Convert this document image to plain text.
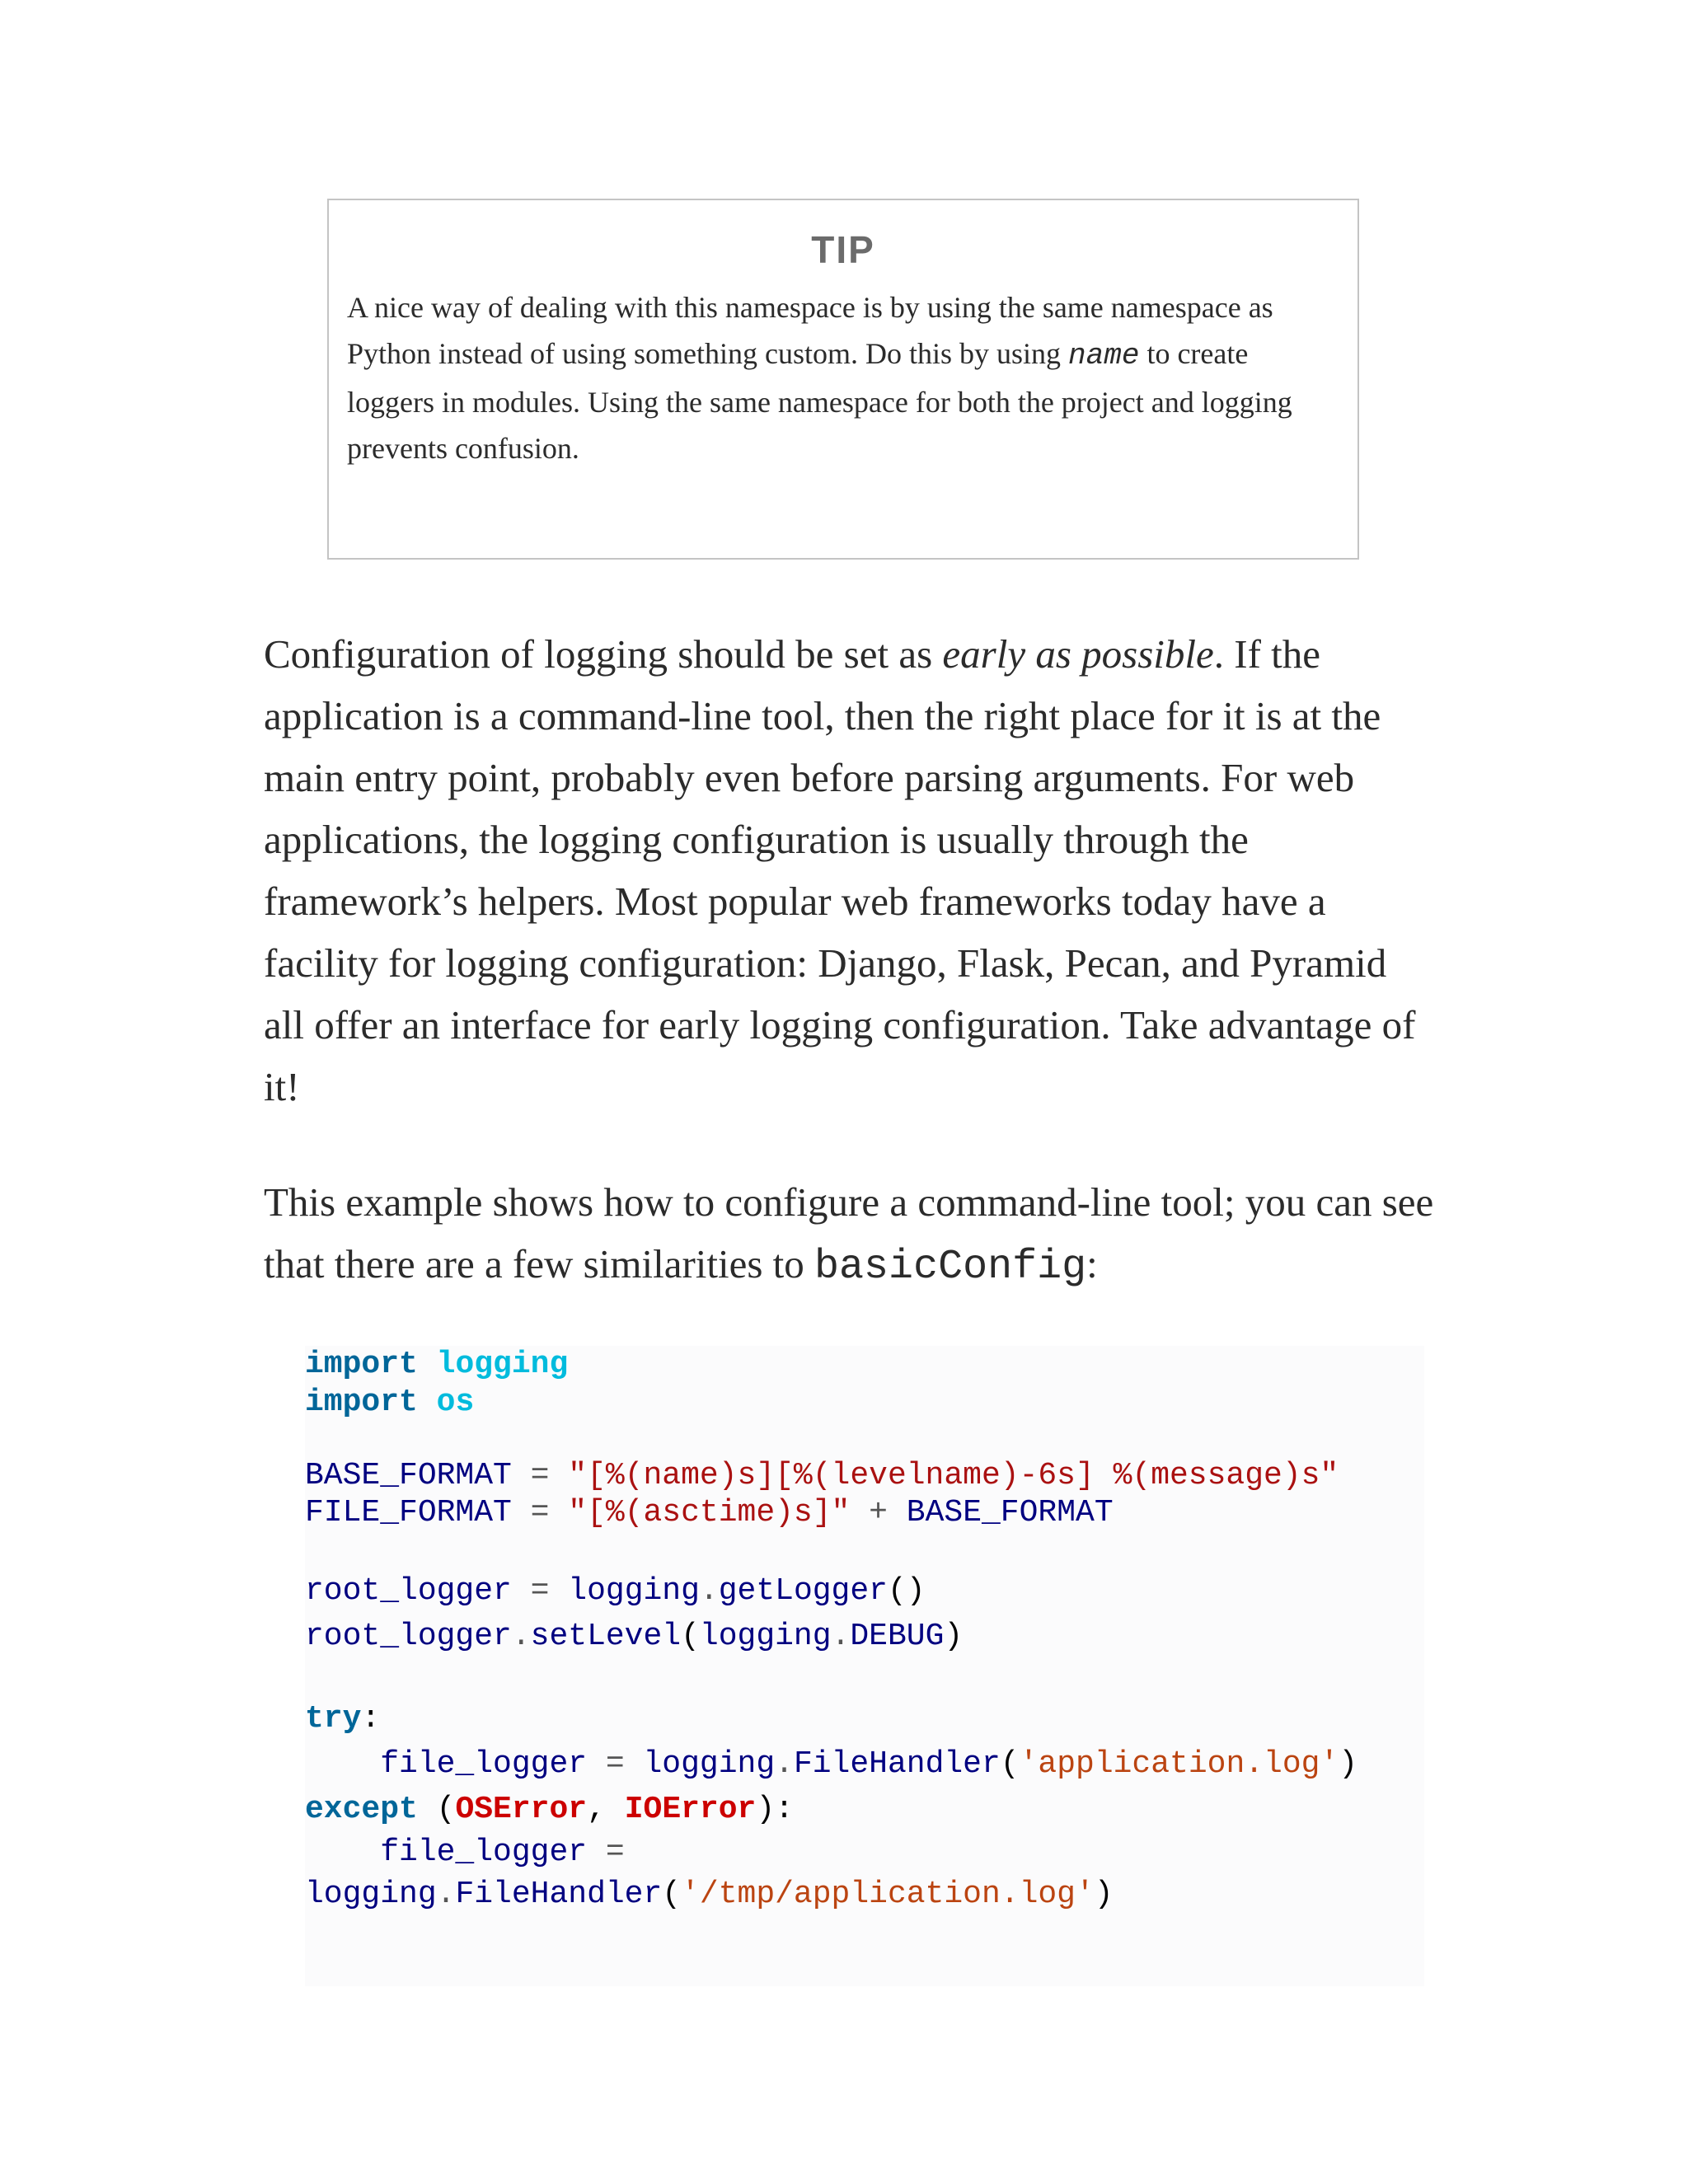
TIP
A nice way of dealing with this namespace is by using the same namespace as Python instead of using something custom. Do this by using name to create loggers in modules. Using the same namespace for both the project and logging prevents confusion.
Configuration of logging should be set as early as possible. If the application is a command-line tool, then the right place for it is at the main entry point, probably even before parsing arguments. For web applications, the logging configuration is usually through the framework’s helpers. Most popular web frameworks today have a facility for logging configuration: Django, Flask, Pecan, and Pyramid all offer an interface for early logging configuration. Take advantage of it!
This example shows how to configure a command-line tool; you can see that there are a few similarities to basicConfig:
import logging
import os
BASE_FORMAT = "[%(name)s][%(levelname)-6s] %(message)s"
FILE_FORMAT = "[%(asctime)s]" + BASE_FORMAT
root_logger = logging.getLogger()
root_logger.setLevel(logging.DEBUG)
try:
file_logger = logging.FileHandler('application.log')
except (OSError, IOError):
file_logger =
logging.FileHandler('/tmp/application.log')
